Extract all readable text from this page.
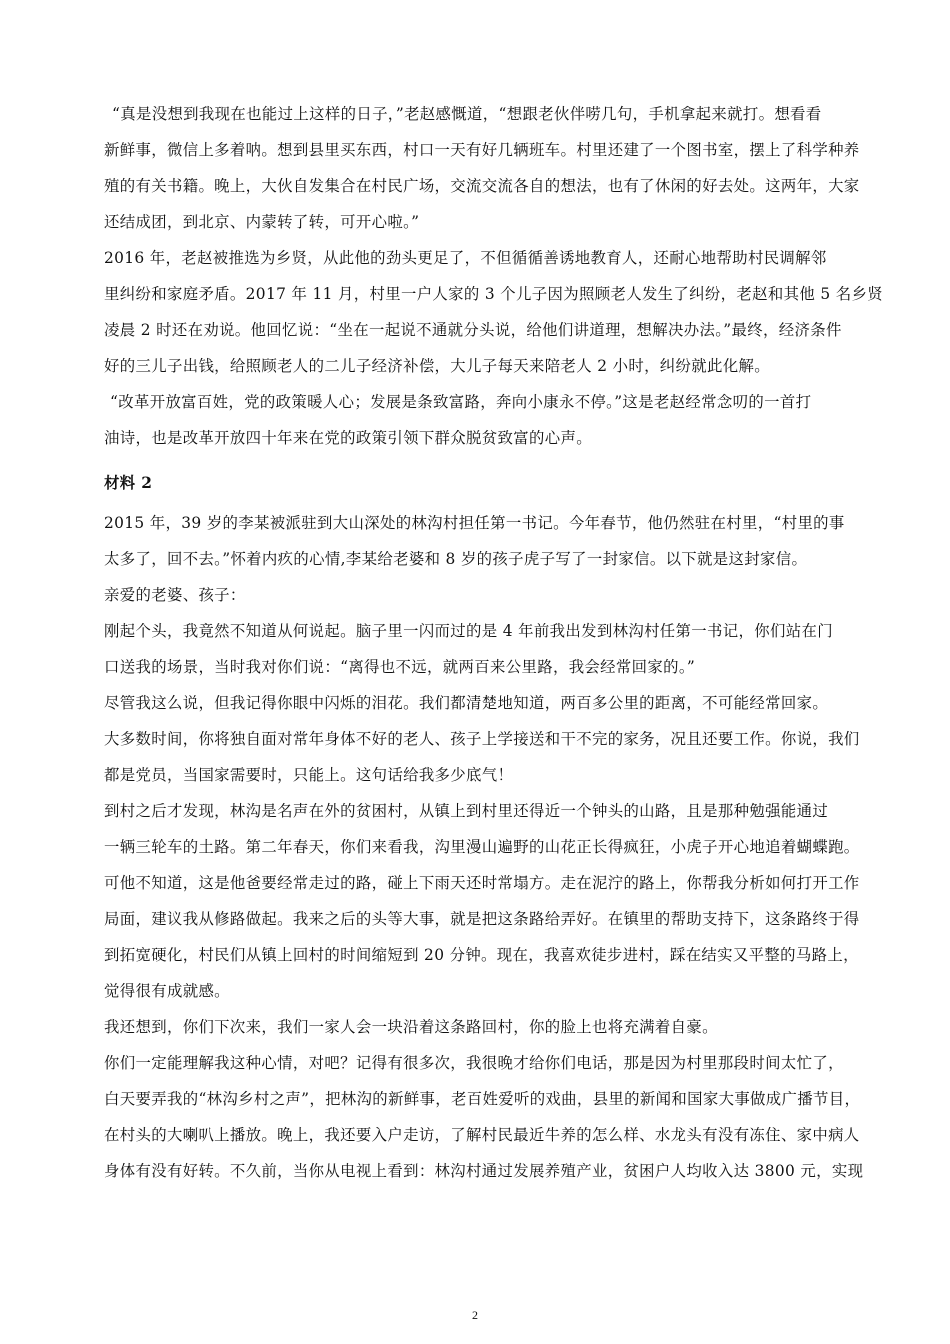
“真是没想到我现在也能过上这样的日子，”老赵感慨道，“想跟老伙伴唠几句，手机拿起来就打。想看看
新鲜事，微信上多着呐。想到县里买东西，村口一天有好几辆班车。村里还建了一个图书室，摆上了科学种养
殖的有关书籍。晚上，大伙自发集合在村民广场，交流交流各自的想法，也有了休闲的好去处。这两年，大家
还结成团，到北京、内蒙转了转，可开心啦。”
2016 年，老赵被推选为乡贤，从此他的劲头更足了，不但循循善诱地教育人，还耐心地帮助村民调解邻
里纠纷和家庭矛盾。2017 年 11 月，村里一户人家的 3 个儿子因为照顾老人发生了纠纷，老赵和其他 5 名乡贤
凌晨 2 时还在劝说。他回忆说：“坐在一起说不通就分头说，给他们讲道理，想解决办法。”最终，经济条件
好的三儿子出钱，给照顾老人的二儿子经济补偿，大儿子每天来陪老人 2 小时，纠纷就此化解。
“改革开放富百姓，党的政策暖人心；发展是条致富路，奔向小康永不停。”这是老赵经常念叨的一首打
油诗，也是改革开放四十年来在党的政策引领下群众脱贫致富的心声。
材料 2
2015 年，39 岁的李某被派驻到大山深处的林沟村担任第一书记。今年春节，他仍然驻在村里，“村里的事
太多了，回不去。”怀着内疚的心情,李某给老婆和 8 岁的孩子虎子写了一封家信。以下就是这封家信。
亲爱的老婆、孩子：
刚起个头，我竟然不知道从何说起。脑子里一闪而过的是 4 年前我出发到林沟村任第一书记，你们站在门
口送我的场景，当时我对你们说：“离得也不远，就两百来公里路，我会经常回家的。”
尽管我这么说，但我记得你眼中闪烁的泪花。我们都清楚地知道，两百多公里的距离，不可能经常回家。
大多数时间，你将独自面对常年身体不好的老人、孩子上学接送和干不完的家务，况且还要工作。你说，我们
都是党员，当国家需要时，只能上。这句话给我多少底气！
到村之后才发现，林沟是名声在外的贫困村，从镇上到村里还得近一个钟头的山路，且是那种勉强能通过
一辆三轮车的土路。第二年春天，你们来看我，沟里漫山遍野的山花正长得疯狂，小虎子开心地追着蝴蝶跑。
可他不知道，这是他爸要经常走过的路，碰上下雨天还时常塌方。走在泥泞的路上，你帮我分析如何打开工作
局面，建议我从修路做起。我来之后的头等大事，就是把这条路给弄好。在镇里的帮助支持下，这条路终于得
到拓宽硬化，村民们从镇上回村的时间缩短到 20 分钟。现在，我喜欢徒步进村，踩在结实又平整的马路上，
觉得很有成就感。
我还想到，你们下次来，我们一家人会一块沿着这条路回村，你的脸上也将充满着自豪。
你们一定能理解我这种心情，对吧？记得有很多次，我很晚才给你们电话，那是因为村里那段时间太忙了，
白天要弄我的“林沟乡村之声”，把林沟的新鲜事，老百姓爱听的戏曲，县里的新闻和国家大事做成广播节目，
在村头的大喇叭上播放。晚上，我还要入户走访，了解村民最近牛养的怎么样、水龙头有没有冻住、家中病人
身体有没有好转。不久前，当你从电视上看到：林沟村通过发展养殖产业，贫困户人均收入达 3800 元，实现
2
